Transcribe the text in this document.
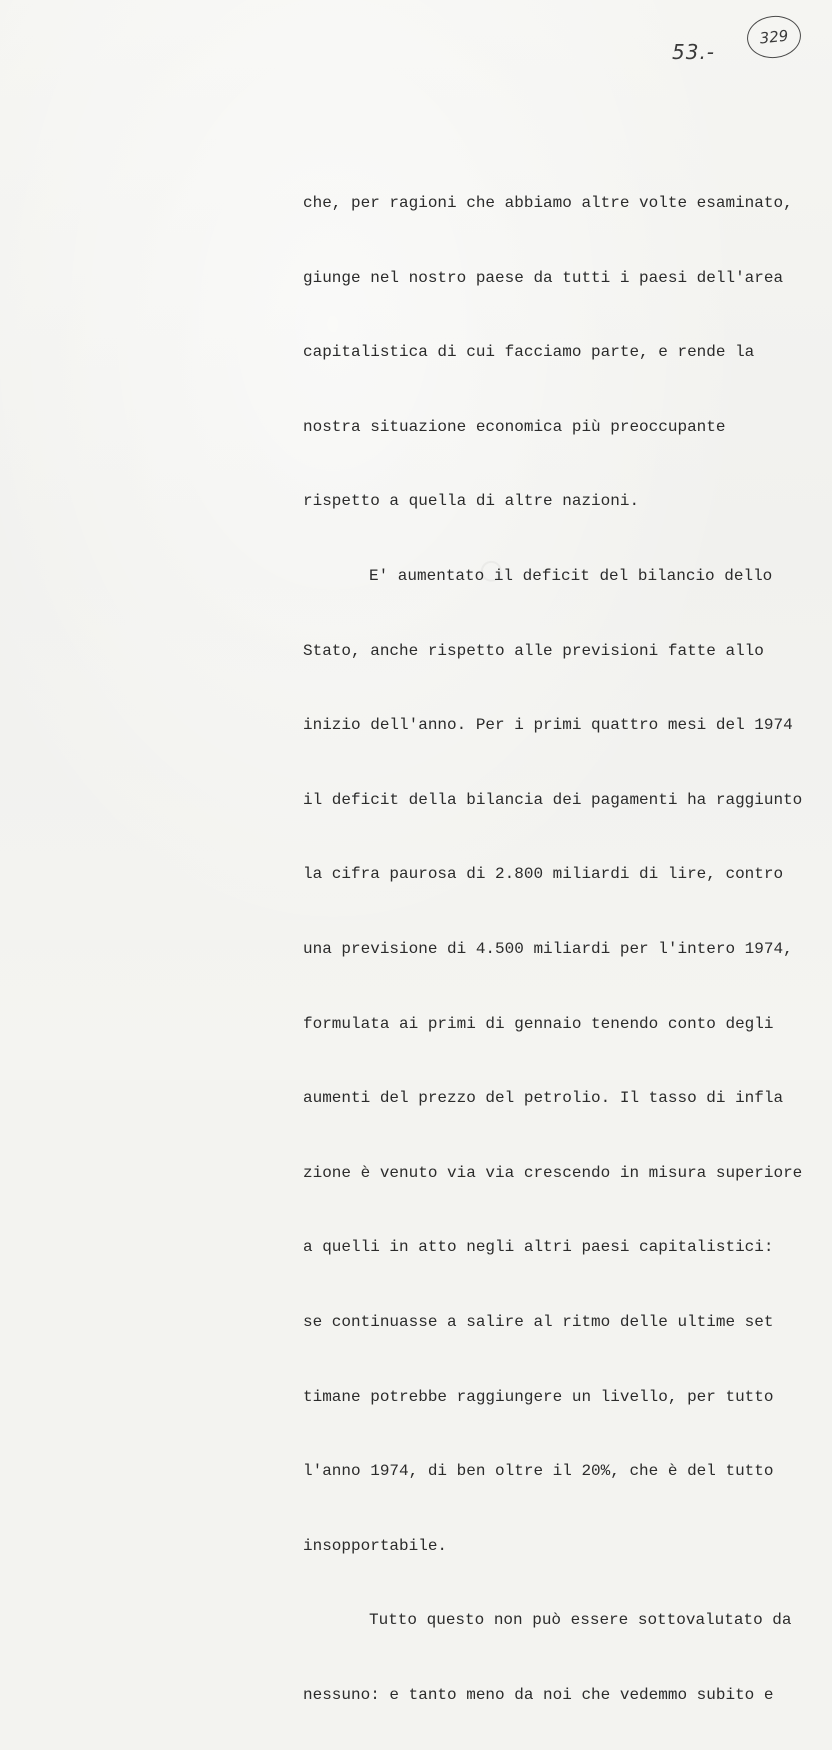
◦
53.-
329

che, per ragioni che abbiamo altre volte esaminato,

giunge nel nostro paese da tutti i paesi dell'area

capitalistica di cui facciamo parte, e rende la

nostra situazione economica più preoccupante

rispetto a quella di altre nazioni.

E' aumentato il deficit del bilancio dello

Stato, anche rispetto alle previsioni fatte allo

inizio dell'anno. Per i primi quattro mesi del 1974

il deficit della bilancia dei pagamenti ha raggiunto

la cifra paurosa di 2.800 miliardi di lire, contro

una previsione di 4.500 miliardi per l'intero 1974,

formulata ai primi di gennaio tenendo conto degli

aumenti del prezzo del petrolio. Il tasso di infla

zione è venuto via via crescendo in misura superiore

a quelli in atto negli altri paesi capitalistici:

se continuasse a salire al ritmo delle ultime set

timane potrebbe raggiungere un livello, per tutto

l'anno 1974, di ben oltre il 20%, che è del tutto

insopportabile.

Tutto questo non può essere sottovalutato da

nessuno: e tanto meno da noi che vedemmo subito e
